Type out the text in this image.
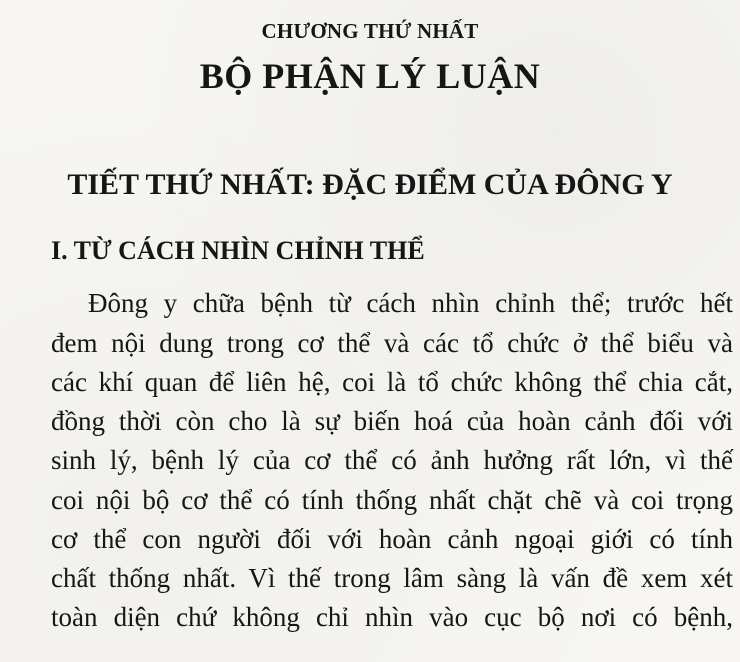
CHƯƠNG THỨ NHẤT
BỘ PHẬN LÝ LUẬN
TIẾT THỨ NHẤT: ĐẶC ĐIỂM CỦA ĐÔNG Y
I. TỪ CÁCH NHÌN CHỈNH THỂ
Đông y chữa bệnh từ cách nhìn chỉnh thể; trước hết
đem nội dung trong cơ thể và các tổ chức ở thể biểu và
các khí quan để liên hệ, coi là tổ chức không thể chia cắt,
đồng thời còn cho là sự biến hoá của hoàn cảnh đối với
sinh lý, bệnh lý của cơ thể có ảnh hưởng rất lớn, vì thế
coi nội bộ cơ thể có tính thống nhất chặt chẽ và coi trọng
cơ thể con người đối với hoàn cảnh ngoại giới có tính
chất thống nhất. Vì thế trong lâm sàng là vấn đề xem xét
toàn diện chứ không chỉ nhìn vào cục bộ nơi có bệnh,
